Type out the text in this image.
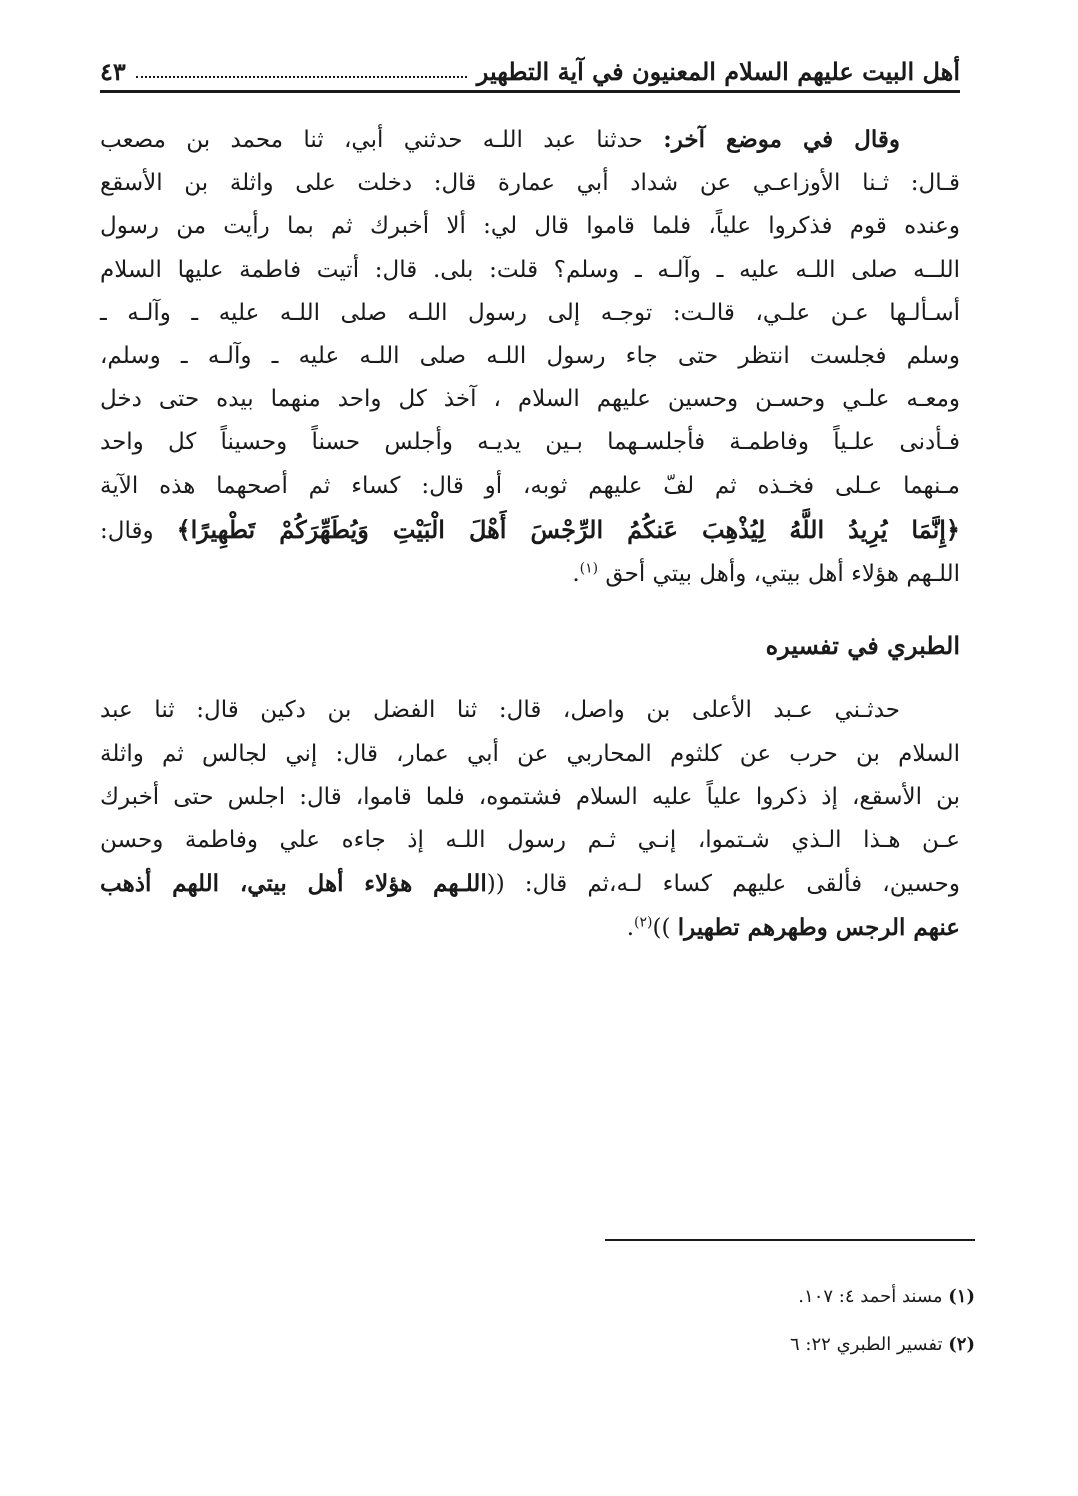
أهل البيت عليهم السلام المعنيون في آية التطهير
٤٣
وقال في موضع آخر: حدثنا عبد اللـه حدثني أبي، ثنا محمد بن مصعب
قـال: ثـنا الأوزاعـي عن شداد أبي عمارة قال: دخلت على واثلة بن الأسقع
وعنده قوم فذكروا علياً، فلما قاموا قال لي: ألا أخبرك ثم بما رأيت من رسول
اللــه صلى اللـه عليه ـ وآلـه ـ وسلم؟ قلت: بلى. قال: أتيت فاطمة عليها السلام
أسـألـها عـن علـي، قالـت: توجـه إلى رسول اللـه صلى اللـه عليه ـ وآلـه ـ
وسلم فجلست انتظر حتى جاء رسول اللـه صلى اللـه عليه ـ وآلـه ـ وسلم،
ومعـه علـي وحسـن وحسين عليهم السلام ، آخذ كل واحد منهما بيده حتى دخل
فـأدنى علـياً وفاطمـة فأجلسـهما بـين يديـه وأجلس حسناً وحسيناً كل واحد
مـنهما عـلى فخـذه ثم لفّ عليهم ثوبه، أو قال: كساء ثم أصحهما هذه الآية
﴿إِنَّمَا يُرِيدُ اللَّهُ لِيُذْهِبَ عَنكُمُ الرِّجْسَ أَهْلَ الْبَيْتِ وَيُطَهِّرَكُمْ تَطْهِيرًا﴾ وقال:
اللـهم هؤلاء أهل بيتي، وأهل بيتي أحق $^{(١)}$.
الطبري في تفسيره
حدثـني عـبد الأعلى بن واصل، قال: ثنا الفضل بن دكين قال: ثنا عبد
السلام بن حرب عن كلثوم المحاربي عن أبي عمار، قال: إني لجالس ثم واثلة
بن الأسقع، إذ ذكروا علياً عليه السلام فشتموه، فلما قاموا، قال: اجلس حتى أخبرك
عـن هـذا الـذي شـتموا، إنـي ثـم رسول اللـه إذ جاءه علي وفاطمة وحسن
وحسين، فألقى عليهم كساء لـه،ثم قال: ((اللـهم هؤلاء أهل بيتي، اللهم أذهب
عنهم الرجس وطهرهم تطهيرا ))$^{(٢)}$.
(١) مسند أحمد ٤: ١٠٧.
(٢) تفسير الطبري ٢٢: ٦
